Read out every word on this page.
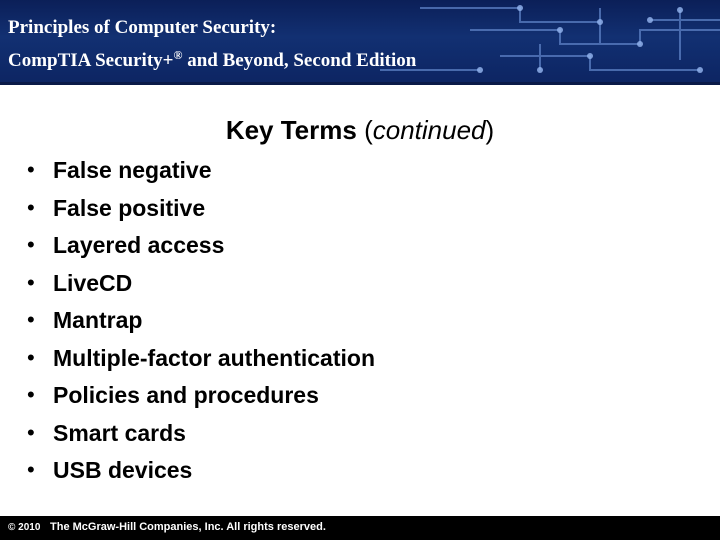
Principles of Computer Security:
CompTIA Security+® and Beyond, Second Edition
Key Terms (continued)
• False negative
• False positive
• Layered access
• LiveCD
• Mantrap
• Multiple-factor authentication
• Policies and procedures
• Smart cards
• USB devices
© 2010 The McGraw-Hill Companies, Inc. All rights reserved.
